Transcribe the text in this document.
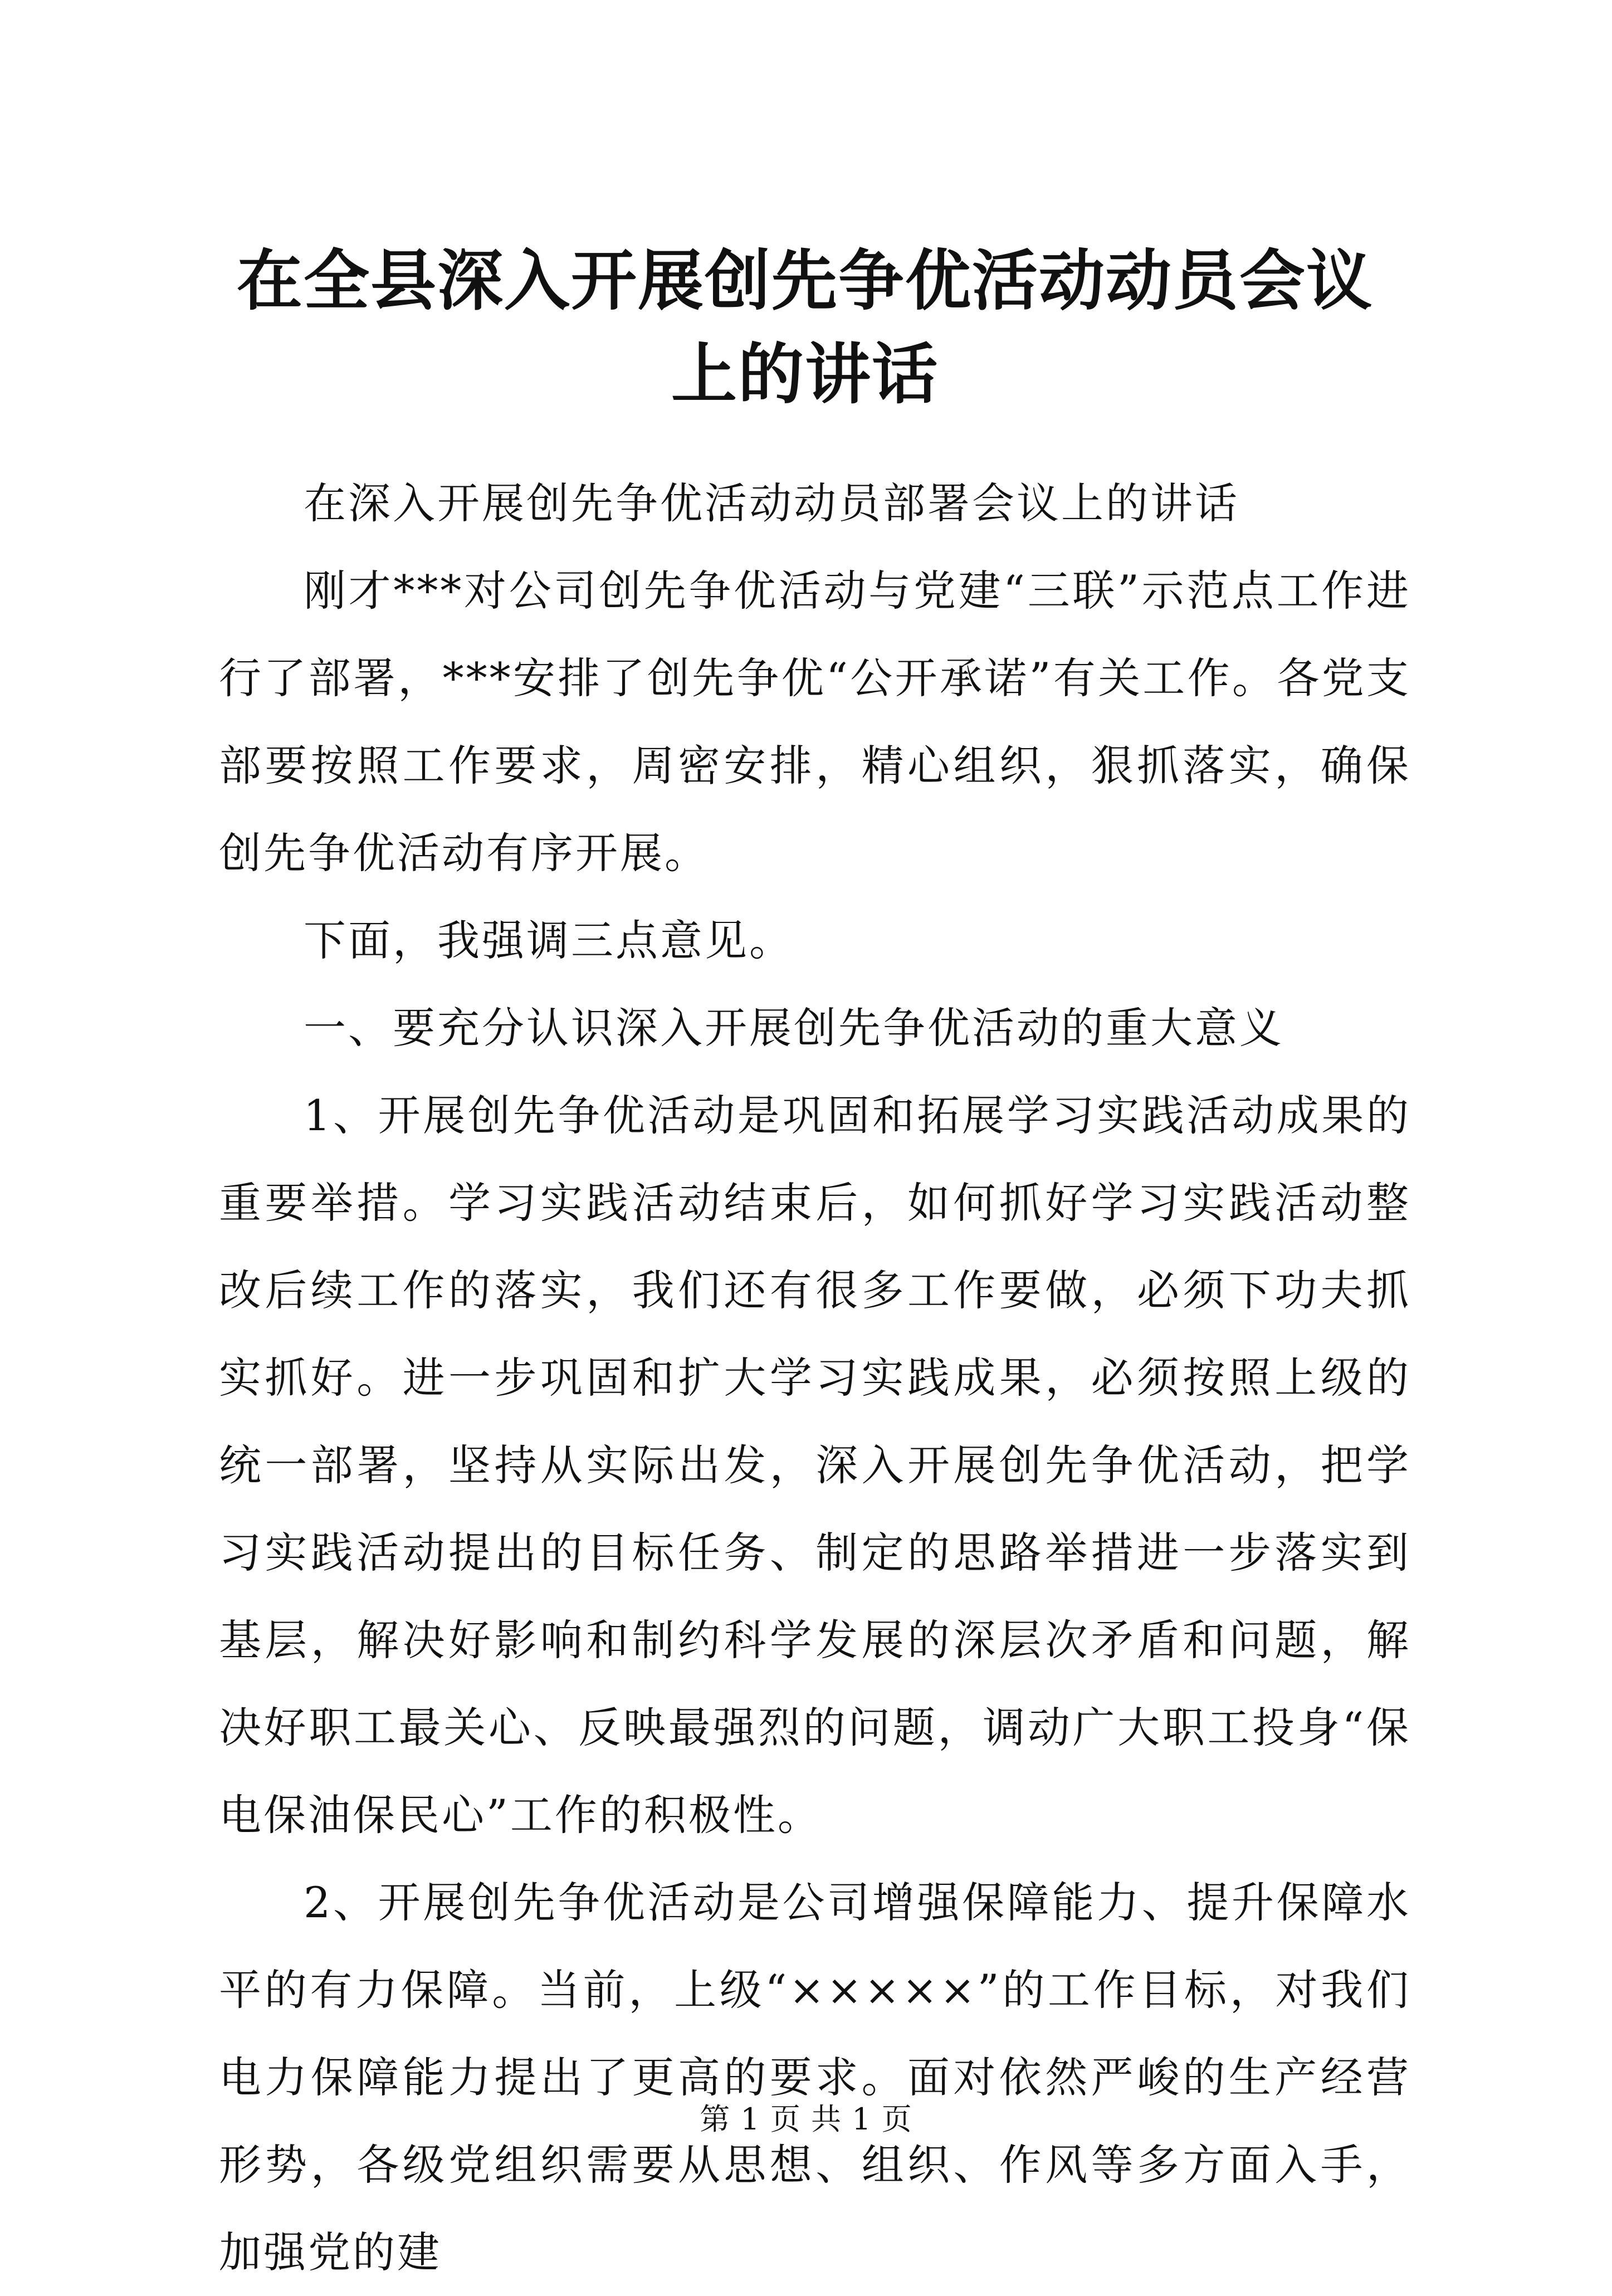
在全县深入开展创先争优活动动员会议上的讲话

在深入开展创先争优活动动员部署会议上的讲话

刚才***对公司创先争优活动与党建“三联”示范点工作进行了部署，***安排了创先争优“公开承诺”有关工作。各党支部要按照工作要求，周密安排，精心组织，狠抓落实，确保创先争优活动有序开展。

下面，我强调三点意见。

一、要充分认识深入开展创先争优活动的重大意义

1、开展创先争优活动是巩固和拓展学习实践活动成果的重要举措。学习实践活动结束后，如何抓好学习实践活动整改后续工作的落实，我们还有很多工作要做，必须下功夫抓实抓好。进一步巩固和扩大学习实践成果，必须按照上级的统一部署，坚持从实际出发，深入开展创先争优活动，把学习实践活动提出的目标任务、制定的思路举措进一步落实到基层，解决好影响和制约科学发展的深层次矛盾和问题，解决好职工最关心、反映最强烈的问题，调动广大职工投身“保电保油保民心”工作的积极性。

2、开展创先争优活动是公司增强保障能力、提升保障水平的有力保障。当前，上级“×××××”的工作目标，对我们电力保障能力提出了更高的要求。面对依然严峻的生产经营形势，各级党组织需要从思想、组织、作风等多方面入手，加强党的建

第 1 页 共 1 页
